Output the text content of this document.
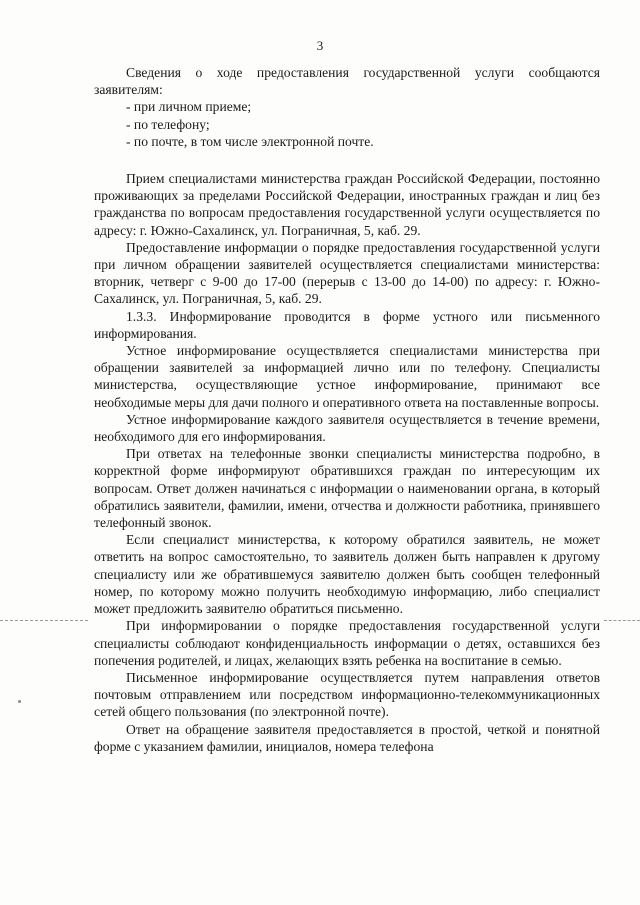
3

Сведения о ходе предоставления государственной услуги сообщаются заявителям:

- при личном приеме;

- по телефону;

- по почте, в том числе электронной почте.

Прием специалистами министерства граждан Российской Федерации, постоянно проживающих за пределами Российской Федерации, иностранных граждан и лиц без гражданства по вопросам предоставления государственной услуги осуществляется по адресу: г. Южно-Сахалинск, ул. Пограничная, 5, каб. 29.

Предоставление информации о порядке предоставления государственной услуги при личном обращении заявителей осуществляется специалистами министерства: вторник, четверг с 9-00 до 17-00 (перерыв с 13-00 до 14-00) по адресу: г. Южно-Сахалинск, ул. Пограничная, 5, каб. 29.

1.3.3. Информирование проводится в форме устного или письменного информирования.

Устное информирование осуществляется специалистами министерства при обращении заявителей за информацией лично или по телефону. Специалисты министерства, осуществляющие устное информирование, принимают все необходимые меры для дачи полного и оперативного ответа на поставленные вопросы.

Устное информирование каждого заявителя осуществляется в течение времени, необходимого для его информирования.

При ответах на телефонные звонки специалисты министерства подробно, в корректной форме информируют обратившихся граждан по интересующим их вопросам. Ответ должен начинаться с информации о наименовании органа, в который обратились заявители, фамилии, имени, отчества и должности работника, принявшего телефонный звонок.

Если специалист министерства, к которому обратился заявитель, не может ответить на вопрос самостоятельно, то заявитель должен быть направлен к другому специалисту или же обратившемуся заявителю должен быть сообщен телефонный номер, по которому можно получить необходимую информацию, либо специалист может предложить заявителю обратиться письменно.

При информировании о порядке предоставления государственной услуги специалисты соблюдают конфиденциальность информации о детях, оставшихся без попечения родителей, и лицах, желающих взять ребенка на воспитание в семью.

Письменное информирование осуществляется путем направления ответов почтовым отправлением или посредством информационно-телекоммуникационных сетей общего пользования (по электронной почте).

Ответ на обращение заявителя предоставляется в простой, четкой и понятной форме с указанием фамилии, инициалов, номера телефона
